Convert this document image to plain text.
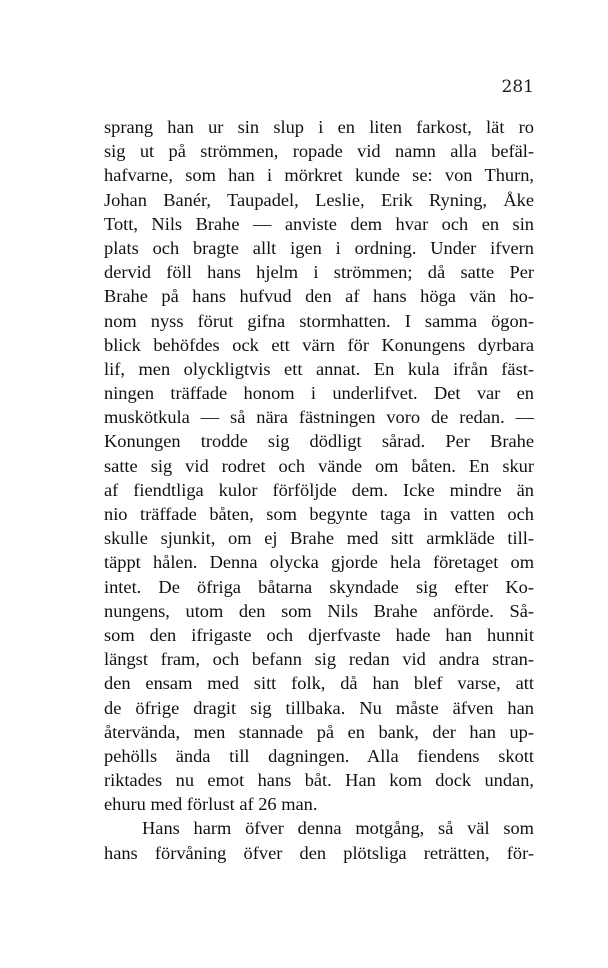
281
sprang han ur sin slup i en liten farkost, lät ro
sig ut på strömmen, ropade vid namn alla befäl-
hafvarne, som han i mörkret kunde se: von Thurn,
Johan Banér, Taupadel, Leslie, Erik Ryning, Åke
Tott, Nils Brahe — anviste dem hvar och en sin
plats och bragte allt igen i ordning. Under ifvern
dervid föll hans hjelm i strömmen; då satte Per
Brahe på hans hufvud den af hans höga vän ho-
nom nyss förut gifna stormhatten. I samma ögon-
blick behöfdes ock ett värn för Konungens dyrbara
lif, men olyckligtvis ett annat. En kula ifrån fäst-
ningen träffade honom i underlifvet. Det var en
muskötkula — så nära fästningen voro de redan. —
Konungen trodde sig dödligt sårad. Per Brahe
satte sig vid rodret och vände om båten. En skur
af fiendtliga kulor förföljde dem. Icke mindre än
nio träffade båten, som begynte taga in vatten och
skulle sjunkit, om ej Brahe med sitt armkläde till-
täppt hålen. Denna olycka gjorde hela företaget om
intet. De öfriga båtarna skyndade sig efter Ko-
nungens, utom den som Nils Brahe anförde. Så-
som den ifrigaste och djerfvaste hade han hunnit
längst fram, och befann sig redan vid andra stran-
den ensam med sitt folk, då han blef varse, att
de öfrige dragit sig tillbaka. Nu måste äfven han
återvända, men stannade på en bank, der han up-
pehölls ända till dagningen. Alla fiendens skott
riktades nu emot hans båt. Han kom dock undan,
ehuru med förlust af 26 man.
Hans harm öfver denna motgång, så väl som
hans förvåning öfver den plötsliga reträtten, för-
